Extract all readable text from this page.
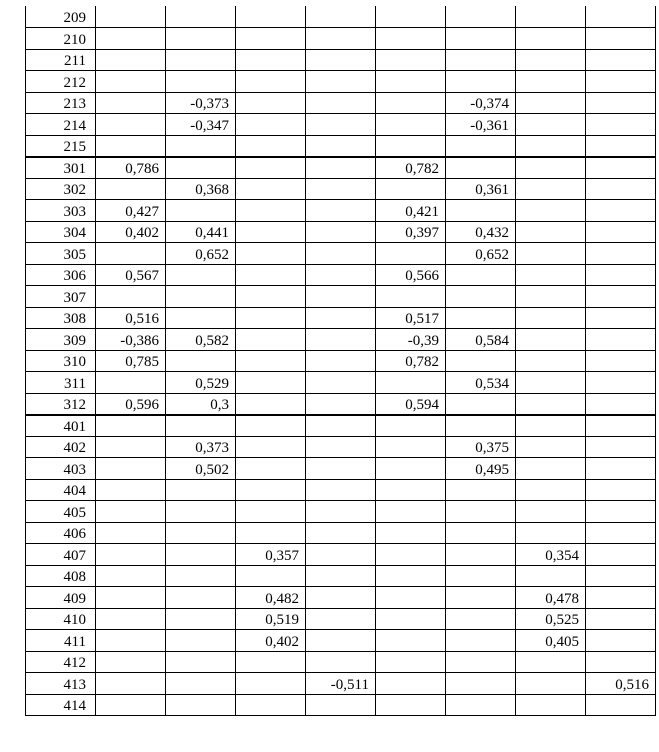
209								
210								
211								
212								
213		-0,373				-0,374		
214		-0,347				-0,361		
215								
301	0,786				0,782			
302		0,368				0,361		
303	0,427				0,421			
304	0,402	0,441			0,397	0,432		
305		0,652				0,652		
306	0,567				0,566			
307								
308	0,516				0,517			
309	-0,386	0,582			-0,39	0,584		
310	0,785				0,782			
311		0,529				0,534		
312	0,596	0,3			0,594			
401								
402		0,373				0,375		
403		0,502				0,495		
404								
405								
406								
407			0,357				0,354	
408								
409			0,482				0,478	
410			0,519				0,525	
411			0,402				0,405	
412								
413				-0,511				0,516
414								
